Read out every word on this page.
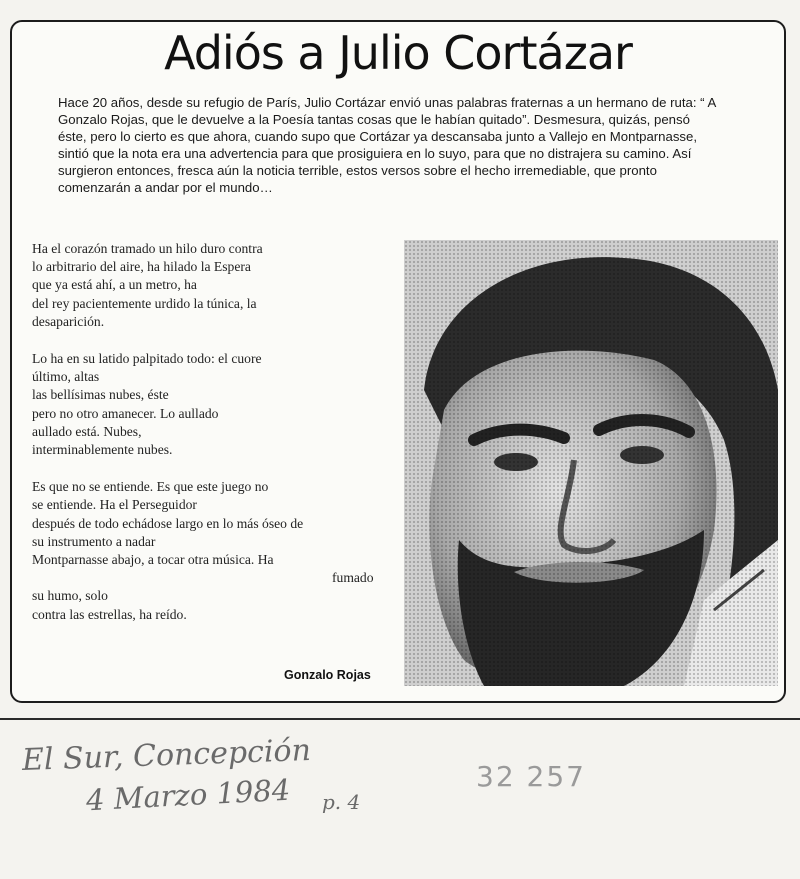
Adiós a Julio Cortázar

Hace 20 años, desde su refugio de París, Julio Cortázar envió unas palabras fraternas a un hermano de ruta: “ A Gonzalo Rojas, que le devuelve a la Poesía tantas cosas que le habían quitado”. Desmesura, quizás, pensó éste, pero lo cierto es que ahora, cuando supo que Cortázar ya descansaba junto a Vallejo en Montparnasse, sintió que la nota era una advertencia para que prosiguiera en lo suyo, para que no distrajera su camino. Así surgieron entonces, fresca aún la noticia terrible, estos versos sobre el hecho irremediable, que pronto comenzarán a andar por el mundo…

Ha el corazón tramado un hilo duro contra
lo arbitrario del aire, ha hilado la Espera
que ya está ahí, a un metro, ha
del rey pacientemente urdido la túnica, la
desaparición.
Lo ha en su latido palpitado todo: el cuore
último, altas
las bellísimas nubes, éste
pero no otro amanecer. Lo aullado
aullado está. Nubes,
interminablemente nubes.
Es que no se entiende. Es que este juego no
se entiende. Ha el Perseguidor
después de todo echádose largo en lo más óseo de
su instrumento a nadar
Montparnasse abajo, a tocar otra música. Ha
fumado
su humo, solo
contra las estrellas, ha reído.
Gonzalo Rojas
El Sur, Concepción
4 Marzo 1984 p. 4
32 257
